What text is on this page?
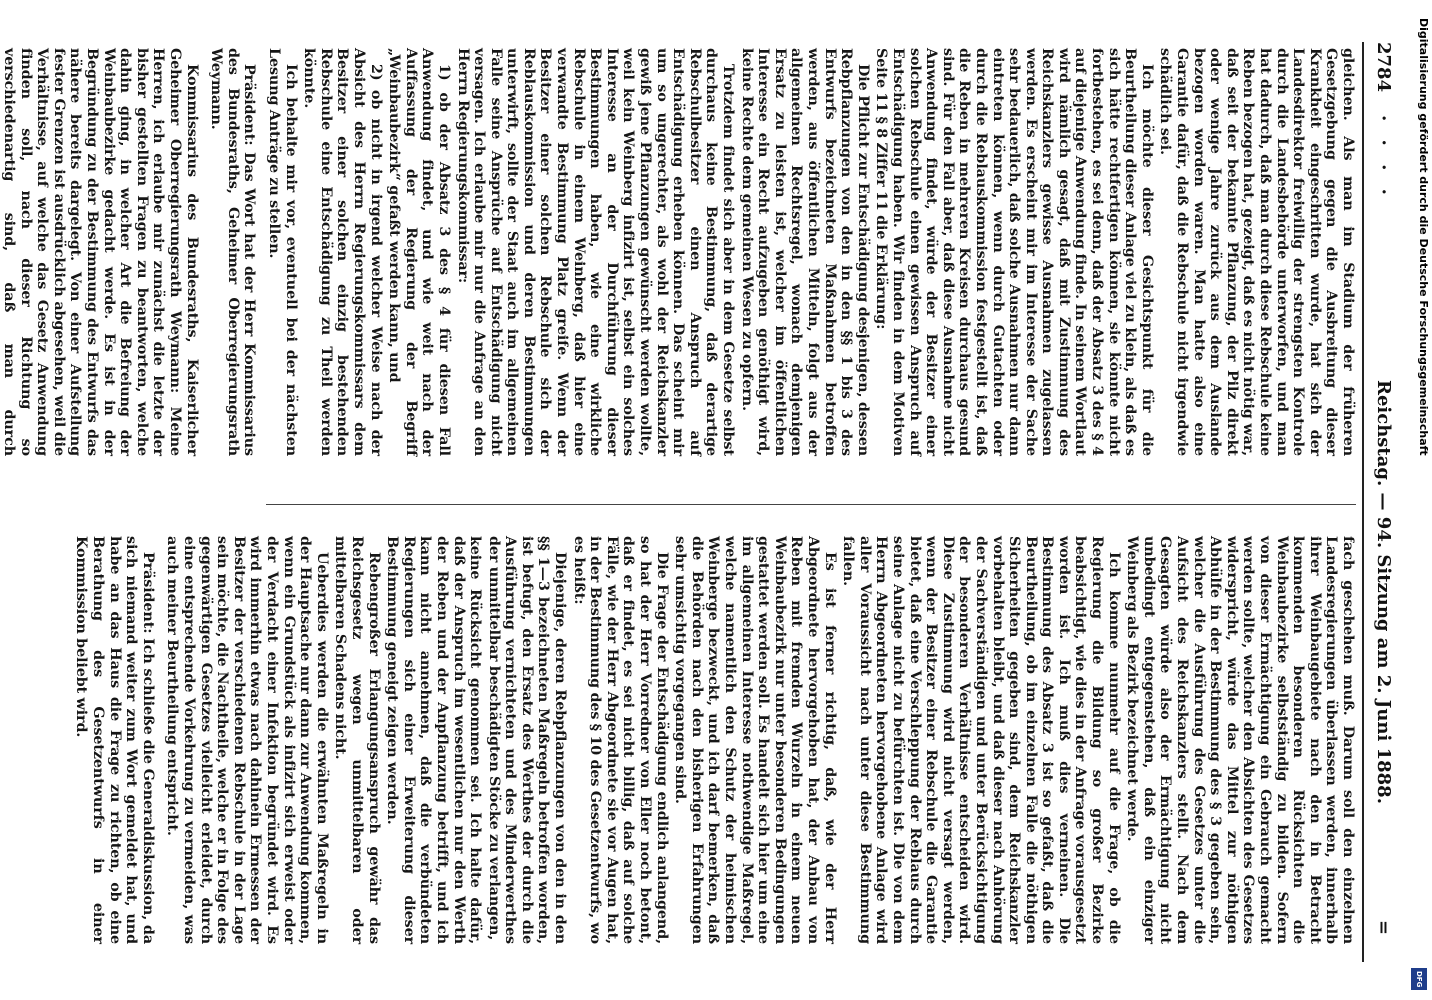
2784
· · · ·
Reichstag. — 94. Sitzung am 2. Juni 1888.
=

gleichen. Als man im Stadium der früheren Gesetzgebung gegen die Ausbreitung dieser Krankheit eingeschritten wurde, hat sich der Landesdirektor freiwillig der strengsten Kontrole durch die Landesbehörde unterworfen, und man hat dadurch, daß man durch diese Rebschule keine Reben bezogen hat, gezeigt, daß es nicht nötig war, daß seit der bekannte Pflanzung, der Pilz direkt oder wenige Jahre zurück aus dem Auslande bezogen worden waren. Man hatte also eine Garantie dafür, daß die Rebschule nicht irgendwie schädlich sei.

Ich möchte dieser Gesichtspunkt für die Beurtheilung dieser Anlage viel zu klein, als daß es sich hätte rechtfertigen können, sie könnte nicht fortbestehen, es sei denn, daß der Absatz 3 des § 4 auf diejenige Anwendung finde. In seinem Wortlaut wird nämlich gesagt, daß mit Zustimmung des Reichskanzlers gewisse Ausnahmen zugelassen werden. Es erscheint mir im Interesse der Sache sehr bedauerlich, daß solche Ausnahmen nur dann eintreten können, wenn durch Gutachten oder durch die Reblauskommission festgestellt ist, daß die Reben in mehreren Kreisen durchaus gesund sind. Für den Fall aber, daß diese Ausnahme nicht Anwendung findet, würde der Besitzer einer solchen Rebschule einen gewissen Anspruch auf Entschädigung haben. Wir finden in dem Motiven Seite 11 § 8 Ziffer 11 die Erklärung:

Die Pflicht zur Entschädigung desjenigen, dessen Rebpflanzungen von den in den §§ 1 bis 3 des Entwurfs bezeichneten Maßnahmen betroffen werden, aus öffentlichen Mitteln, folgt aus der allgemeinen Rechtsregel, wonach demjenigen Ersatz zu leisten ist, welcher im öffentlichen Interesse ein Recht aufzugeben genöthigt wird, keine Rechte dem gemeinen Wesen zu opfern.

Trotzdem findet sich aber in dem Gesetze selbst durchaus keine Bestimmung, daß derartige Rebschulbesitzer einen Anspruch auf Entschädigung erheben können. Das scheint mir um so ungerechter, als wohl der Reichskanzler gewiß jene Pflanzungen gewünscht werden wollte, weil kein Weinberg infizirt ist, selbst ein solches Interesse an der Durchführung dieser Bestimmungen haben, wie eine wirkliche Rebschule in einem Weinberg, daß hier eine verwandte Bestimmung Platz greife. Wenn der Besitzer einer solchen Rebschule sich der Reblauskommission und deren Bestimmungen unterwirft, sollte der Staat auch im allgemeinen Falle seine Ansprüche auf Entschädigung nicht versagen. Ich erlaube mir nur die Anfrage an den Herrn Regierungskommissar:

1) ob der Absatz 3 des § 4 für diesen Fall Anwendung findet, und wie weit nach der Auffassung der Regierung der Begriff „Weinbaubezirk“ gefaßt werden kann, und

2) ob nicht in irgend welcher Weise nach der Absicht des Herrn Regierungskommissars dem Besitzer einer solchen einzig bestehenden Rebschule eine Entschädigung zu Theil werden könnte.

Ich behalte mir vor, eventuell bei der nächsten Lesung Anträge zu stellen.

Präsident: Das Wort hat der Herr Kommissarius des Bundesraths, Geheimer Oberregierungsrath Weymann.

Kommissarius des Bundesraths, Kaiserlicher Geheimer Oberregierungsrath Weymann: Meine Herren, ich erlaube mir zunächst die letzte der bisher gestellten Fragen zu beantworten, welche dahin ging, in welcher Art die Befreiung der Weinbaubezirke gedacht werde. Es ist in der Begründung zu der Bestimmung des Entwurfs das nähere bereits dargelegt. Von einer Aufstellung fester Grenzen ist ausdrücklich abgesehen, weil die Verhältnisse, auf welche das Gesetz Anwendung finden soll, nach dieser Richtung so verschiedenartig sind, daß man durch

fach geschehen muß. Darum soll den einzelnen Landesregierungen überlassen werden, innerhalb ihrer Weinbaugebiete nach den in Betracht kommenden besonderen Rücksichten die Weinbaubezirke selbstständig zu bilden. Sofern von dieser Ermächtigung ein Gebrauch gemacht werden sollte, welcher den Absichten des Gesetzes widerspricht, würde das Mittel zur nöthigen Abhülfe in der Bestimmung des § 3 gegeben sein, welcher die Ausführung des Gesetzes unter die Aufsicht des Reichskanzlers stellt. Nach dem Gesagten würde also der Ermächtigung nicht unbedingt entgegenstehen, daß ein einziger Weinberg als Bezirk bezeichnet werde.

Ich komme nunmehr auf die Frage, ob die Regierung die Bildung so großer Bezirke beabsichtigt, wie dies in der Anfrage vorausgesetzt worden ist. Ich muß dies verneinen. Die Bestimmung des Absatz 3 ist so gefaßt, daß die Beurtheilung, ob im einzelnen Falle die nöthigen Sicherheiten gegeben sind, dem Reichskanzler vorbehalten bleibt, und daß dieser nach Anhörung der Sachverständigen und unter Berücksichtigung der besonderen Verhältnisse entscheiden wird. Diese Zustimmung wird nicht versagt werden, wenn der Besitzer einer Rebschule die Garantie bietet, daß eine Verschleppung der Reblaus durch seine Anlage nicht zu befürchten ist. Die von dem Herrn Abgeordneten hervorgehobene Anlage wird aller Voraussicht nach unter diese Bestimmung fallen.

Es ist ferner richtig, daß, wie der Herr Abgeordnete hervorgehoben hat, der Anbau von Reben mit fremden Wurzeln in einem neuen Weinbaubezirk nur unter besonderen Bedingungen gestattet werden soll. Es handelt sich hier um eine im allgemeinen Interesse nothwendige Maßregel, welche namentlich den Schutz der heimischen Weinberge bezweckt, und ich darf bemerken, daß die Behörden nach den bisherigen Erfahrungen sehr umsichtig vorgegangen sind.

Die Frage der Entschädigung endlich anlangend, so hat der Herr Vorredner von Eller noch betont, daß er findet, es sei nicht billig, daß auf solche Fälle, wie der Herr Abgeordnete sie vor Augen hat, in der Bestimmung des § 10 des Gesetzentwurfs, wo es heißt:

Diejenige, deren Rebpflanzungen von den in den §§ 1—3 bezeichneten Maßregeln betroffen worden, ist befugt, den Ersatz des Werthes der durch die Ausführung vernichteten und des Minderwerthes der unmittelbar beschädigten Stöcke zu verlangen,

keine Rücksicht genommen sei. Ich halte dafür, daß der Anspruch im wesentlichen nur den Werth der Reben und der Anpflanzung betrifft, und ich kann nicht annehmen, daß die verbündeten Regierungen sich einer Erweiterung dieser Bestimmung geneigt zeigen werden.

Rebengroßer Erlangungsanspruch gewähr das Reichsgesetz wegen unmittelbaren oder mittelbaren Schadens nicht.

Ueberdies werden die erwähnten Maßregeln in der Hauptsache nur dann zur Anwendung kommen, wenn ein Grundstück als infizirt sich erweist oder der Verdacht einer Infektion begründet wird. Es wird immerhin etwas nach dahinein Ermessen der Besitzer der verschiedenen Rebschule in der Lage sein möchte, die Nachtheile, welche er in Folge des gegenwärtigen Gesetzes vielleicht erleidet, durch eine entsprechende Vorkehrung zu vermeiden, was auch meiner Beurtheilung entspricht.

Präsident: Ich schließe die Generaldiskussion, da sich niemand weiter zum Wort gemeldet hat, und habe an das Haus die Frage zu richten, ob eine Berathung des Gesetzentwurfs in einer Kommission beliebt wird.

Digitalisierung gefördert durch die Deutsche Forschungsgemeinschaft
DFG
